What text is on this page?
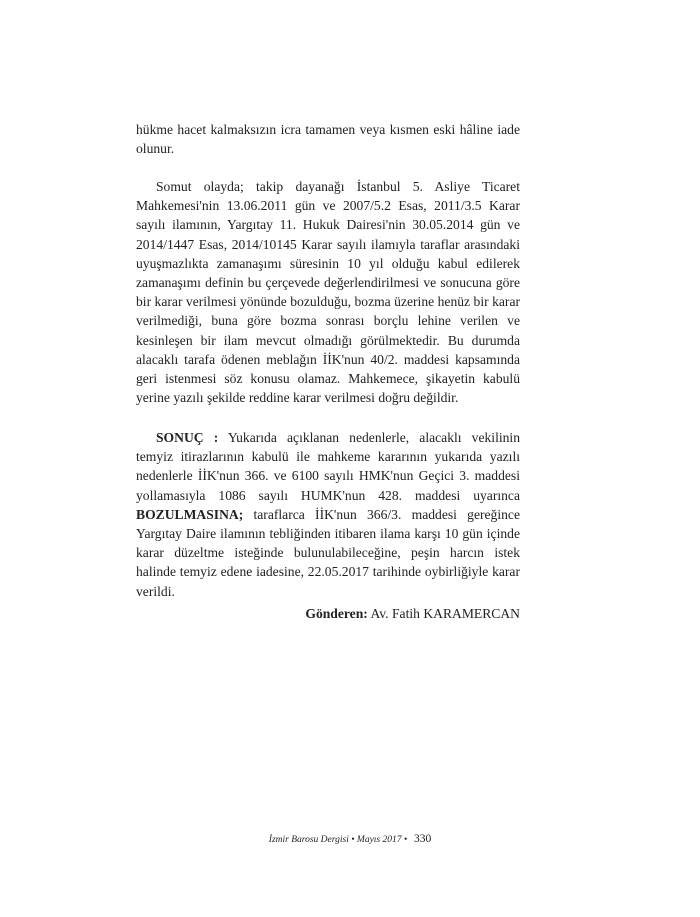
hükme hacet kalmaksızın icra tamamen veya kısmen eski hâline iade olunur.

Somut olayda; takip dayanağı İstanbul 5. Asliye Ticaret Mahkemesi'nin 13.06.2011 gün ve 2007/5.2 Esas, 2011/3.5 Karar sayılı ilamının, Yargıtay 11. Hukuk Dairesi'nin 30.05.2014 gün ve 2014/1447 Esas, 2014/10145 Karar sayılı ilamıyla taraflar arasındaki uyuşmazlıkta zamanaşımı süresinin 10 yıl olduğu kabul edilerek zamanaşımı definin bu çerçevede değerlendirilmesi ve sonucuna göre bir karar verilmesi yönünde bozulduğu, bozma üzerine henüz bir karar verilmediği, buna göre bozma sonrası borçlu lehine verilen ve kesinleşen bir ilam mevcut olmadığı görülmektedir. Bu durumda alacaklı tarafa ödenen meblağın İİK'nun 40/2. maddesi kapsamında geri istenmesi söz konusu olamaz. Mahkemece, şikayetin kabulü yerine yazılı şekilde reddine karar verilmesi doğru değildir.

SONUÇ : Yukarıda açıklanan nedenlerle, alacaklı vekilinin temyiz itirazlarının kabulü ile mahkeme kararının yukarıda yazılı nedenlerle İİK'nun 366. ve 6100 sayılı HMK'nun Geçici 3. maddesi yollamasıyla 1086 sayılı HUMK'nun 428. maddesi uyarınca BOZULMASINA; taraflarca İİK'nun 366/3. maddesi gereğince Yargıtay Daire ilamının tebliğinden itibaren ilama karşı 10 gün içinde karar düzeltme isteğinde bulunulabileceğine, peşin harcın istek halinde temyiz edene iadesine, 22.05.2017 tarihinde oybirliğiyle karar verildi.

Gönderen: Av. Fatih KARAMERCAN
İzmir Barosu Dergisi • Mayıs 2017 • 330
